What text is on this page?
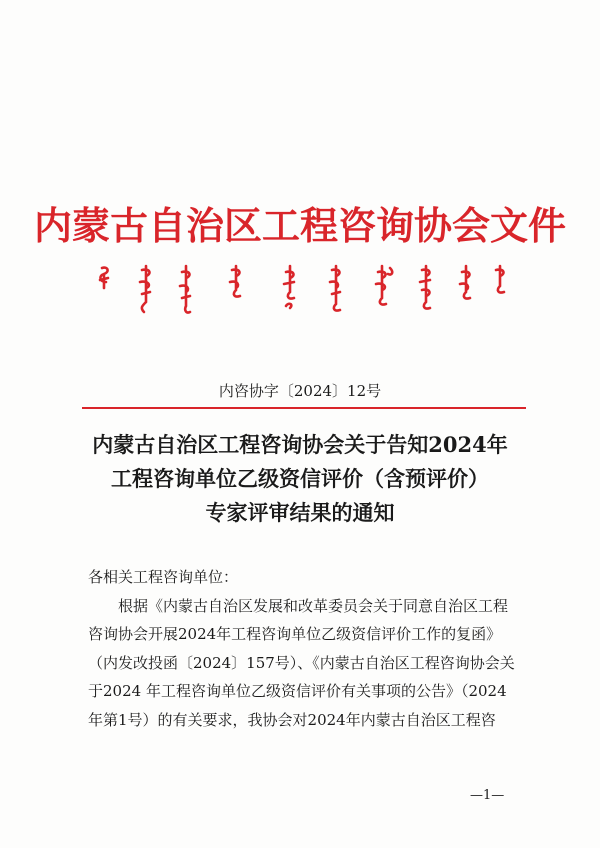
内蒙古自治区工程咨询协会文件
内咨协字〔2024〕12号
内蒙古自治区工程咨询协会关于告知2024年
工程咨询单位乙级资信评价（含预评价）
专家评审结果的通知

各相关工程咨询单位：

根据《内蒙古自治区发展和改革委员会关于同意自治区工程

咨询协会开展2024年工程咨询单位乙级资信评价工作的复函》

（内发改投函〔2024〕157号）、《内蒙古自治区工程咨询协会关

于2024 年工程咨询单位乙级资信评价有关事项的公告》（2024

年第1号）的有关要求，我协会对2024年内蒙古自治区工程咨

—1—
